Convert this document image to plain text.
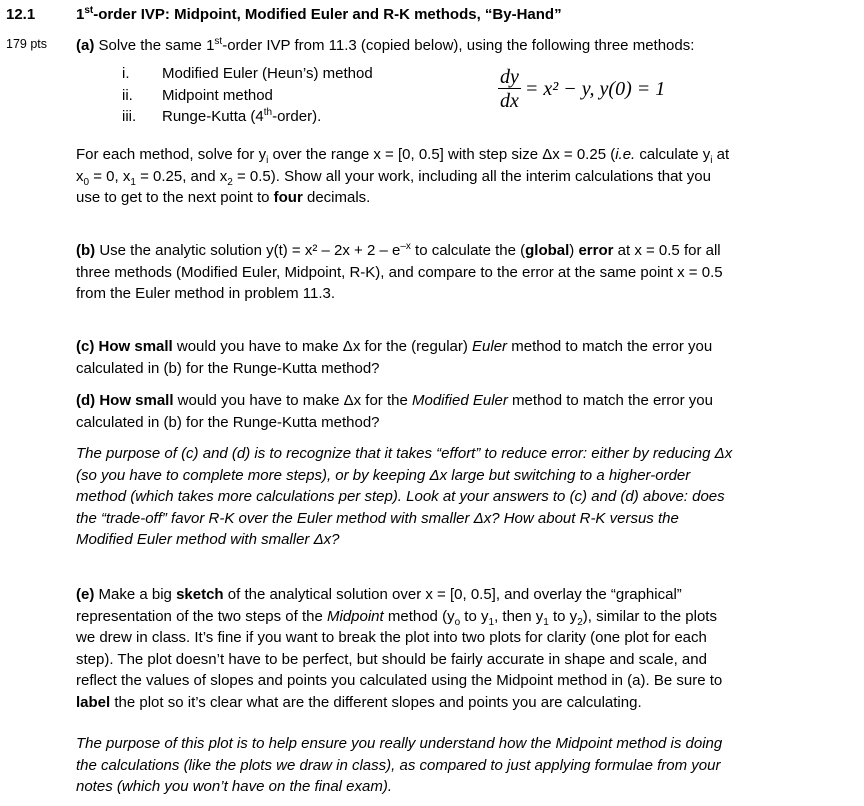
12.1	1st-order IVP: Midpoint, Modified Euler and R-K methods, “By-Hand”
179 pts (a) Solve the same 1st-order IVP from 11.3 (copied below), using the following three methods:
i. Modified Euler (Heun’s) method
ii. Midpoint method
iii. Runge-Kutta (4th-order).
$\frac{dy}{dx} = x^2 - y$, y(0) = 1
For each method, solve for $y_i$ over the range x = [0, 0.5] with step size Δx = 0.25 (i.e. calculate $y_i$ at
$x_0 = 0$, $x_1 = 0.25$, and $x_2 = 0.5$). Show all your work, including all the interim calculations that you
use to get to the next point to four decimals.
(b) Use the analytic solution $y(t) = x^2 - 2x + 2 - e^{-x}$ to calculate the (global) error at x = 0.5 for all
three methods (Modified Euler, Midpoint, R-K), and compare to the error at the same point x = 0.5
from the Euler method in problem 11.3.
(c) How small would you have to make Δx for the (regular) Euler method to match the error you
calculated in (b) for the Runge-Kutta method?
(d) How small would you have to make Δx for the Modified Euler method to match the error you
calculated in (b) for the Runge-Kutta method?
The purpose of (c) and (d) is to recognize that it takes “effort” to reduce error: either by reducing Δx
(so you have to complete more steps), or by keeping Δx large but switching to a higher-order
method (which takes more calculations per step). Look at your answers to (c) and (d) above: does
the “trade-off” favor R-K over the Euler method with smaller Δx? How about R-K versus the
Modified Euler method with smaller Δx?
(e) Make a big sketch of the analytical solution over x = [0, 0.5], and overlay the “graphical”
representation of the two steps of the Midpoint method ($y_o$ to $y_1$, then $y_1$ to $y_2$), similar to the plots
we drew in class. It’s fine if you want to break the plot into two plots for clarity (one plot for each
step). The plot doesn’t have to be perfect, but should be fairly accurate in shape and scale, and
reflect the values of slopes and points you calculated using the Midpoint method in (a). Be sure to
label the plot so it’s clear what are the different slopes and points you are calculating.
The purpose of this plot is to help ensure you really understand how the Midpoint method is doing
the calculations (like the plots we draw in class), as compared to just applying formulae from your
notes (which you won’t have on the final exam).
